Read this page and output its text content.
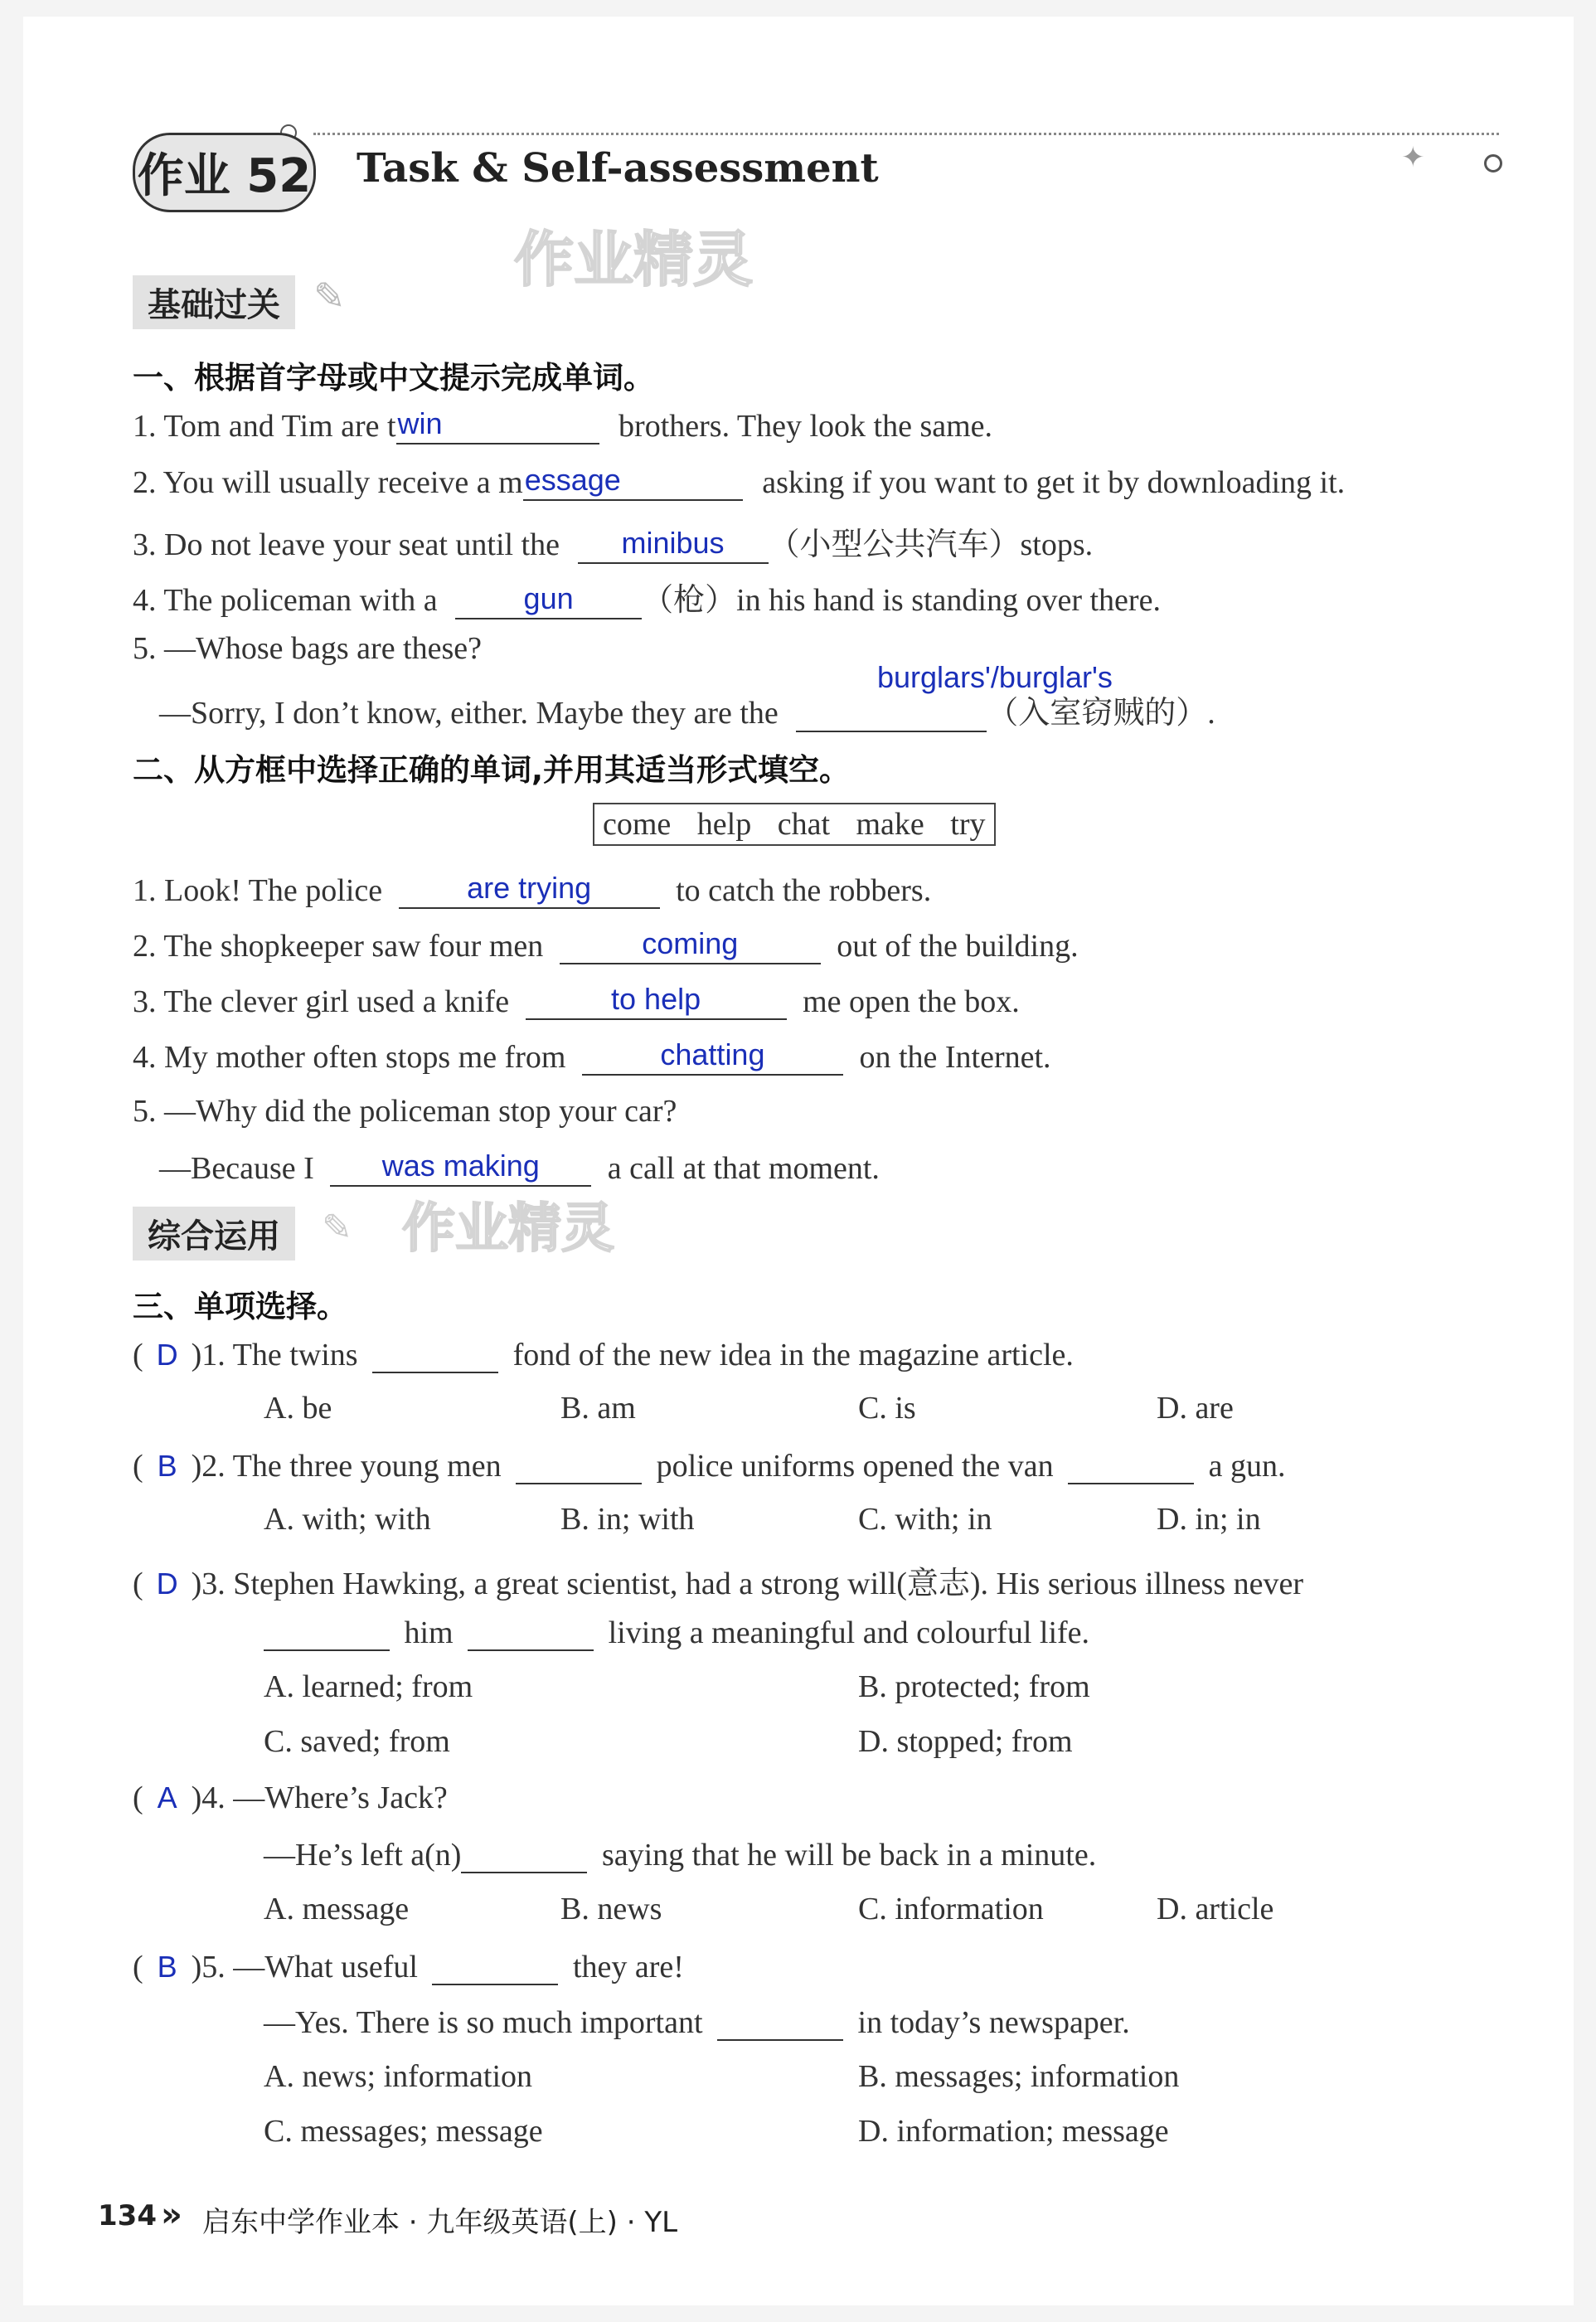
✦
作业 52 Task & Self-assessment
作业精灵
基础过关 ✎
一、根据首字母或中文提示完成单词。
1. Tom and Tim are t win	brothers. They look the same.
2. You will usually receive a m essage	asking if you want to get it by downloading it.
3. Do not leave your seat until the	minibus	（小型公共汽车）stops.
4. The policeman with a	gun	（枪）in his hand is standing over there.
5. —Whose bags are these?
—Sorry, I don’t know, either. Maybe they are the	（入室窃贼的）.
burglars'/burglar's
二、从方框中选择正确的单词,并用其适当形式填空。
come help chat make try
1. Look! The police	are trying	to catch the robbers.
2. The shopkeeper saw four men	coming	out of the building.
3. The clever girl used a knife	to help	me open the box.
4. My mother often stops me from	chatting	on the Internet.
5. —Why did the policeman stop your car?
—Because I	was making	a call at that moment.
综合运用	✎ 作业精灵
三、单项选择。
( D )1. The twins	fond of the new idea in the magazine article.
A. be	B. am	C. is	D. are
( B )2. The three young men	police uniforms opened the van	a gun.
A. with; with	B. in; with	C. with; in	D. in; in
( D )3. Stephen Hawking, a great scientist, had a strong will(意志). His serious illness never
him	living a meaningful and colourful life.
A. learned; from	B. protected; from
C. saved; from	D. stopped; from
( A )4. —Where’s Jack?
—He’s left a(n)	saying that he will be back in a minute.
A. message	B. news	C. information	D. article
( B )5. —What useful	they are!
—Yes. There is so much important	in today’s newspaper.
A. news; information	B. messages; information
C. messages; message	D. information; message
134 » 启东中学作业本 · 九年级英语(上) · YL
